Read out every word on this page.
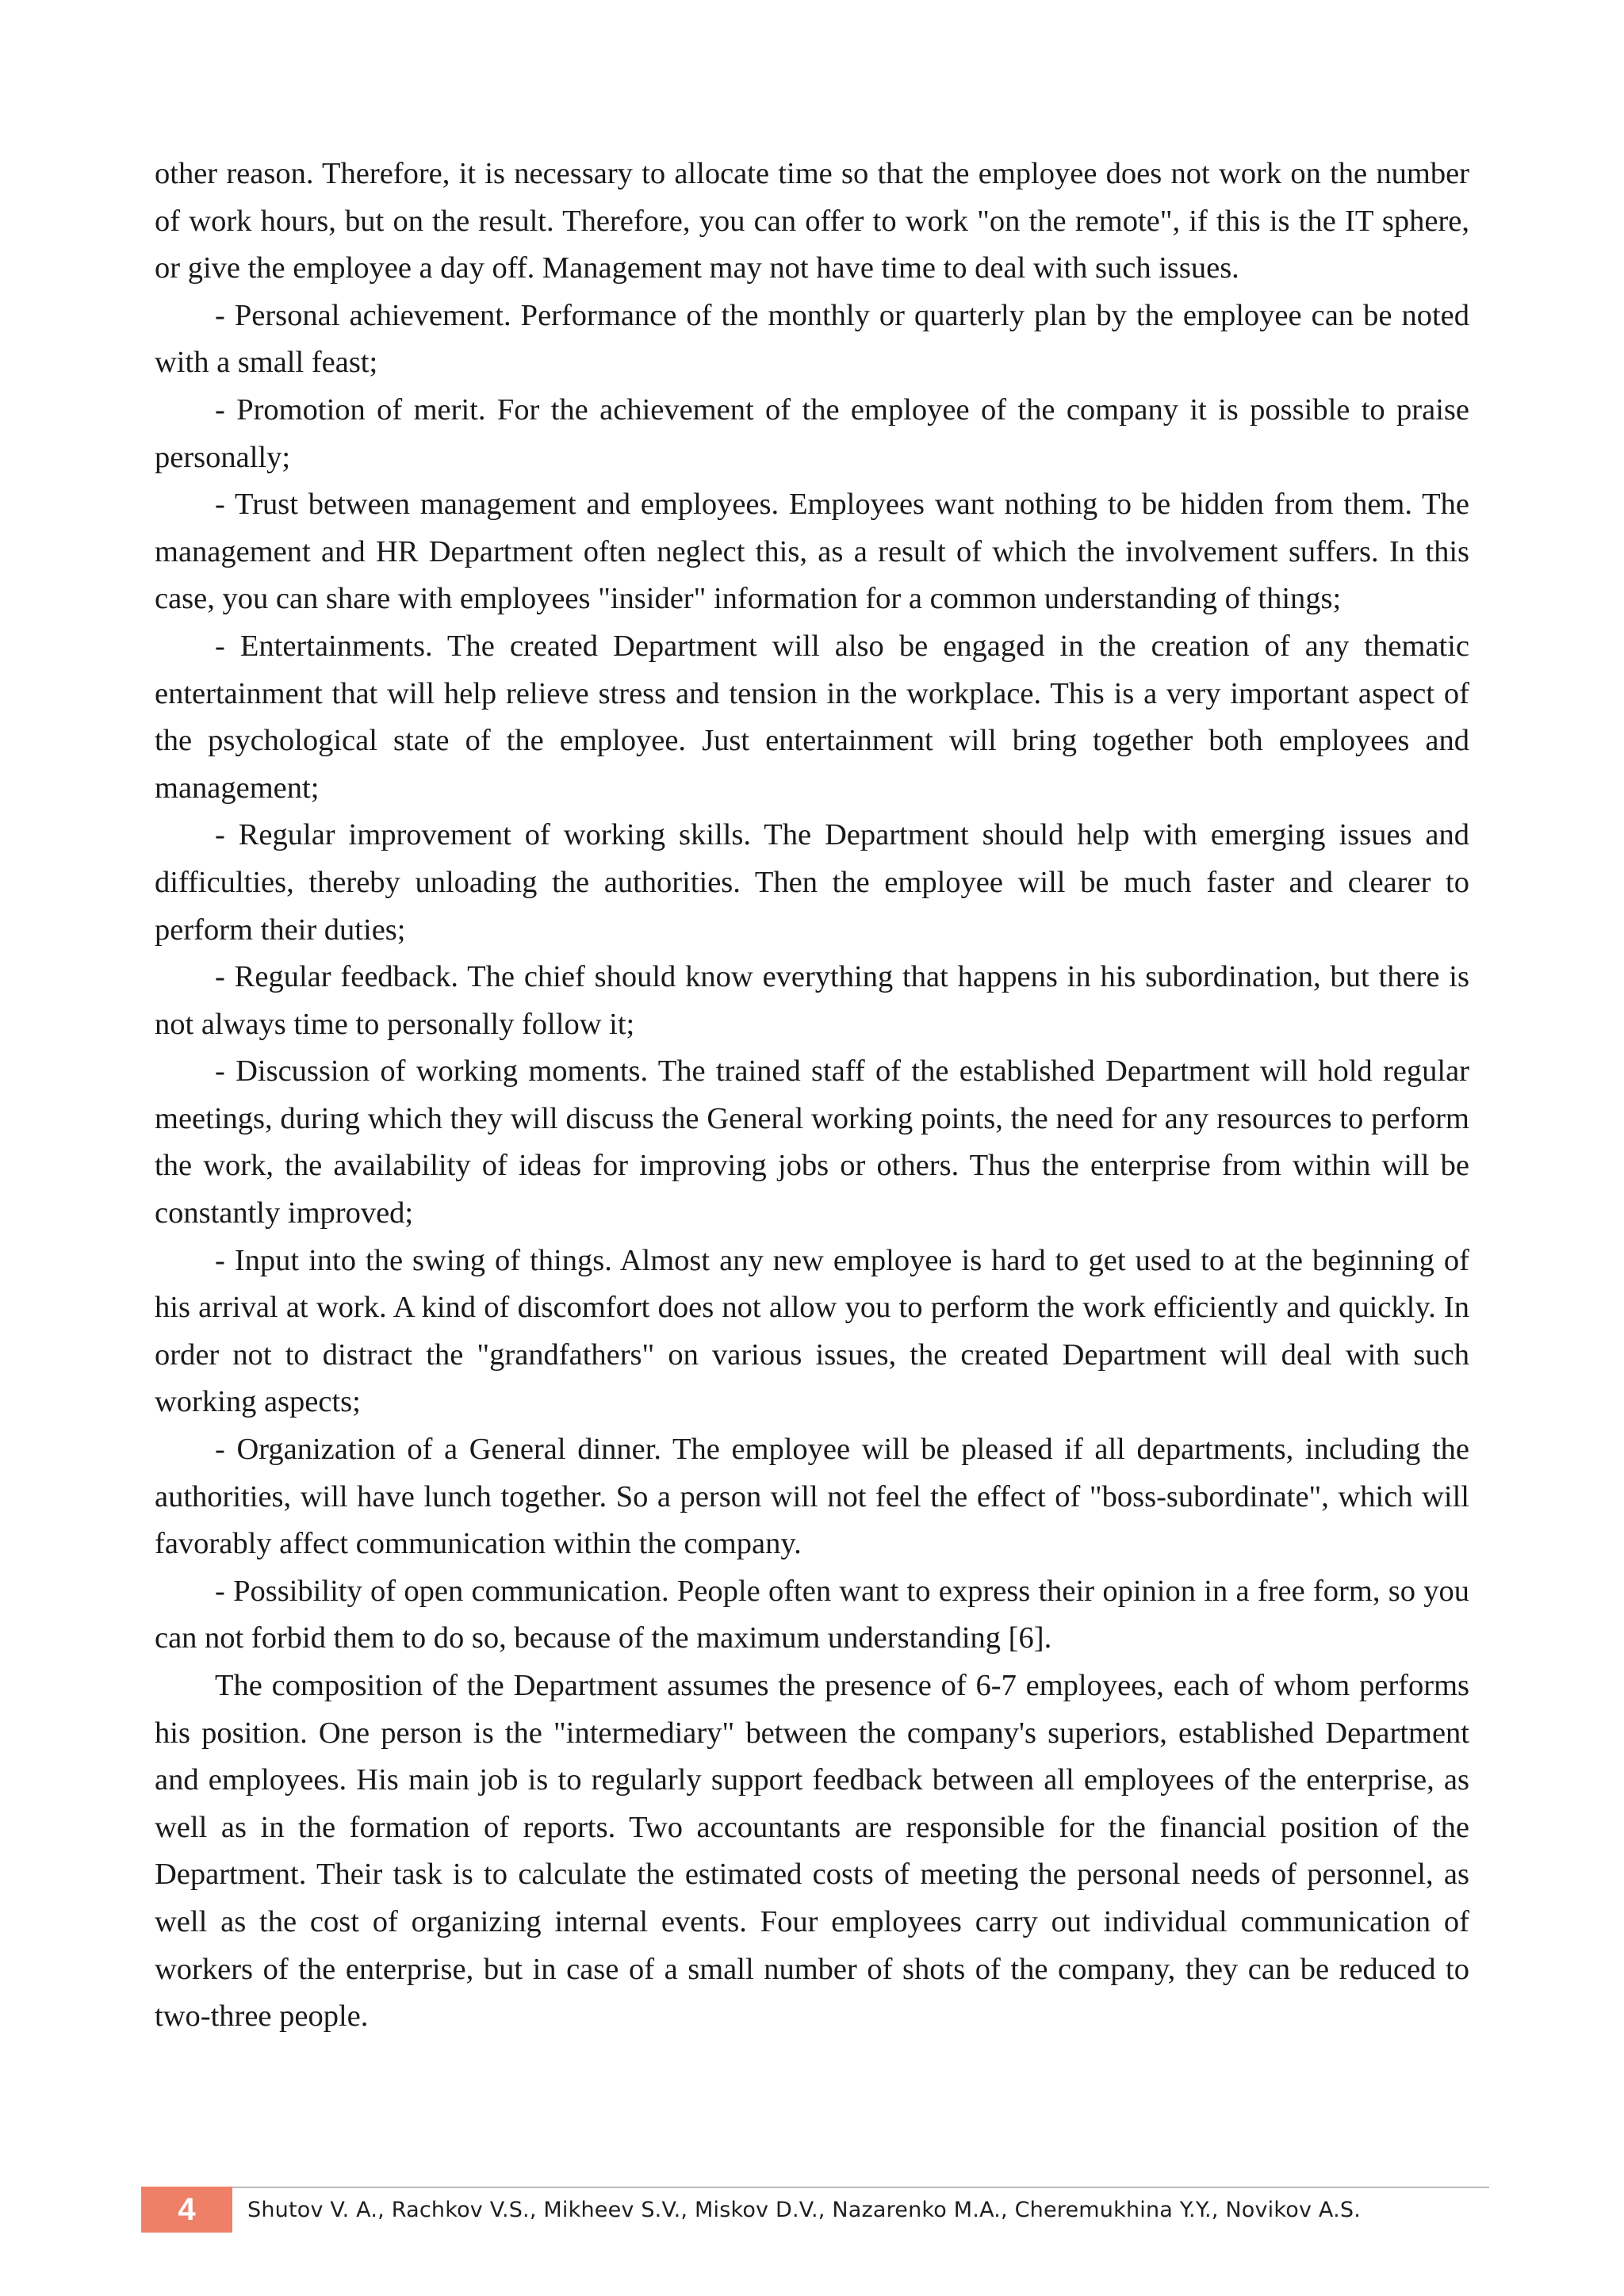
other reason. Therefore, it is necessary to allocate time so that the employee does not work on the number of work hours, but on the result. Therefore, you can offer to work "on the remote", if this is the IT sphere, or give the employee a day off. Management may not have time to deal with such issues.

- Personal achievement. Performance of the monthly or quarterly plan by the employee can be noted with a small feast;

- Promotion of merit. For the achievement of the employee of the company it is possible to praise personally;

- Trust between management and employees. Employees want nothing to be hidden from them. The management and HR Department often neglect this, as a result of which the involvement suffers. In this case, you can share with employees "insider" information for a common understanding of things;

- Entertainments. The created Department will also be engaged in the creation of any thematic entertainment that will help relieve stress and tension in the workplace. This is a very important aspect of the psychological state of the employee. Just entertainment will bring together both employees and management;

- Regular improvement of working skills. The Department should help with emerging issues and difficulties, thereby unloading the authorities. Then the employee will be much faster and clearer to perform their duties;

- Regular feedback. The chief should know everything that happens in his subordination, but there is not always time to personally follow it;

- Discussion of working moments. The trained staff of the established Department will hold regular meetings, during which they will discuss the General working points, the need for any resources to perform the work, the availability of ideas for improving jobs or others. Thus the enterprise from within will be constantly improved;

- Input into the swing of things. Almost any new employee is hard to get used to at the beginning of his arrival at work. A kind of discomfort does not allow you to perform the work efficiently and quickly. In order not to distract the "grandfathers" on various issues, the created Department will deal with such working aspects;

- Organization of a General dinner. The employee will be pleased if all departments, including the authorities, will have lunch together. So a person will not feel the effect of "boss-subordinate", which will favorably affect communication within the company.

- Possibility of open communication. People often want to express their opinion in a free form, so you can not forbid them to do so, because of the maximum understanding [6].

The composition of the Department assumes the presence of 6-7 employees, each of whom performs his position. One person is the "intermediary" between the company's superiors, established Department and employees. His main job is to regularly support feedback between all employees of the enterprise, as well as in the formation of reports. Two accountants are responsible for the financial position of the Department. Their task is to calculate the estimated costs of meeting the personal needs of personnel, as well as the cost of organizing internal events. Four employees carry out individual communication of workers of the enterprise, but in case of a small number of shots of the company, they can be reduced to two-three people.

4	Shutov V. A., Rachkov V.S., Mikheev S.V., Miskov D.V., Nazarenko M.A., Cheremukhina Y.Y., Novikov A.S.
